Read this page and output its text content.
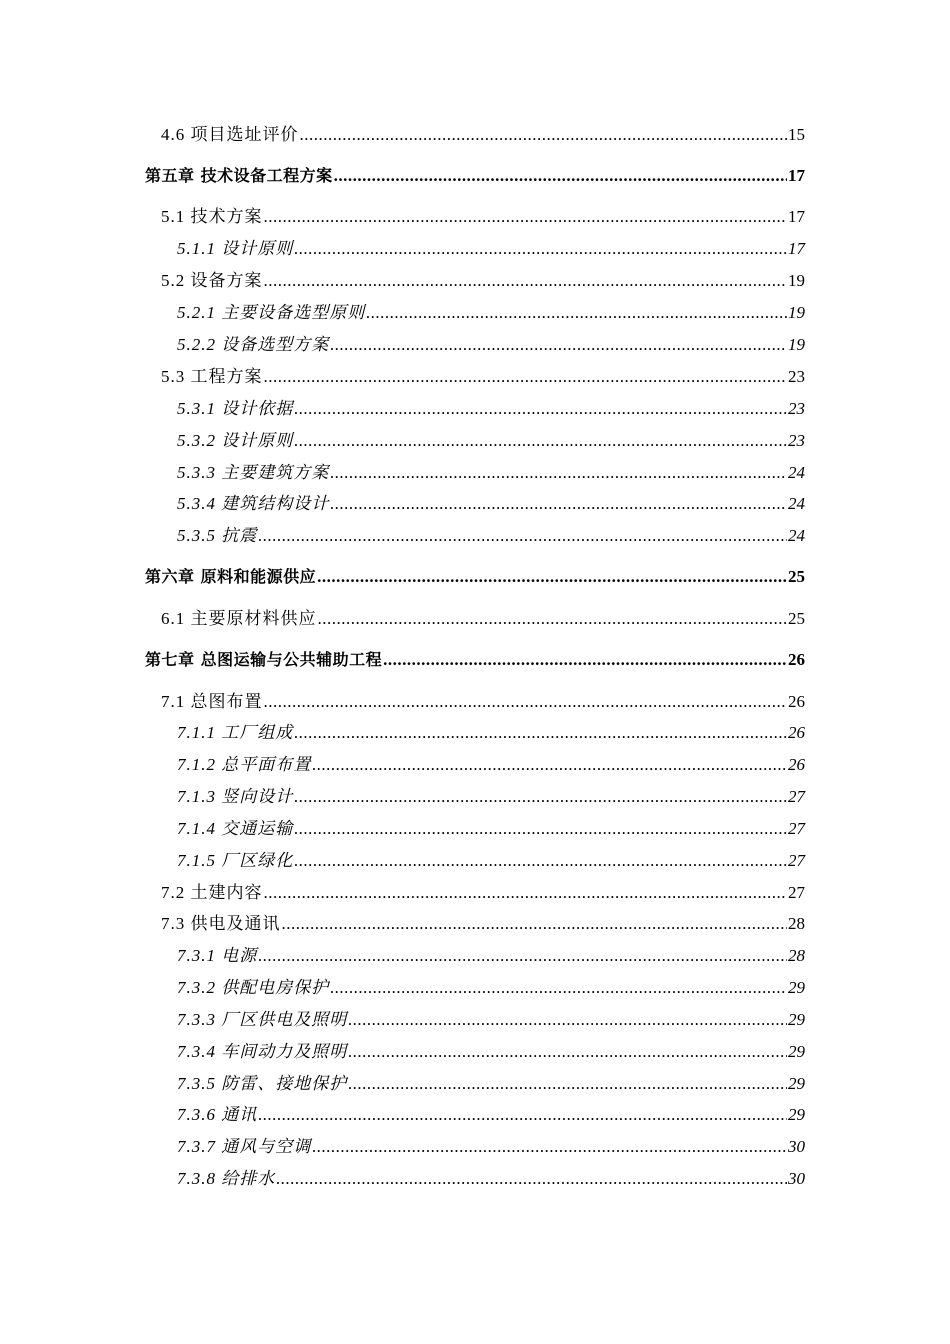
4.6 项目选址评价 .....	15
第五章 技术设备工程方案 .....	17
5.1 技术方案 .....	17
5.1.1 设计原则 .....	17
5.2 设备方案 .....	19
5.2.1 主要设备选型原则 .....	19
5.2.2 设备选型方案 .....	19
5.3 工程方案 .....	23
5.3.1 设计依据 .....	23
5.3.2 设计原则 .....	23
5.3.3 主要建筑方案 .....	24
5.3.4 建筑结构设计 .....	24
5.3.5 抗震 .....	24
第六章 原料和能源供应 .....	25
6.1 主要原材料供应 .....	25
第七章 总图运输与公共辅助工程 .....	26
7.1 总图布置 .....	26
7.1.1 工厂组成 .....	26
7.1.2 总平面布置 .....	26
7.1.3 竖向设计 .....	27
7.1.4 交通运输 .....	27
7.1.5 厂区绿化 .....	27
7.2 土建内容 .....	27
7.3 供电及通讯 .....	28
7.3.1 电源 .....	28
7.3.2 供配电房保护 .....	29
7.3.3 厂区供电及照明 .....	29
7.3.4 车间动力及照明 .....	29
7.3.5 防雷、接地保护 .....	29
7.3.6 通讯 .....	29
7.3.7 通风与空调 .....	30
7.3.8 给排水 .....	30
